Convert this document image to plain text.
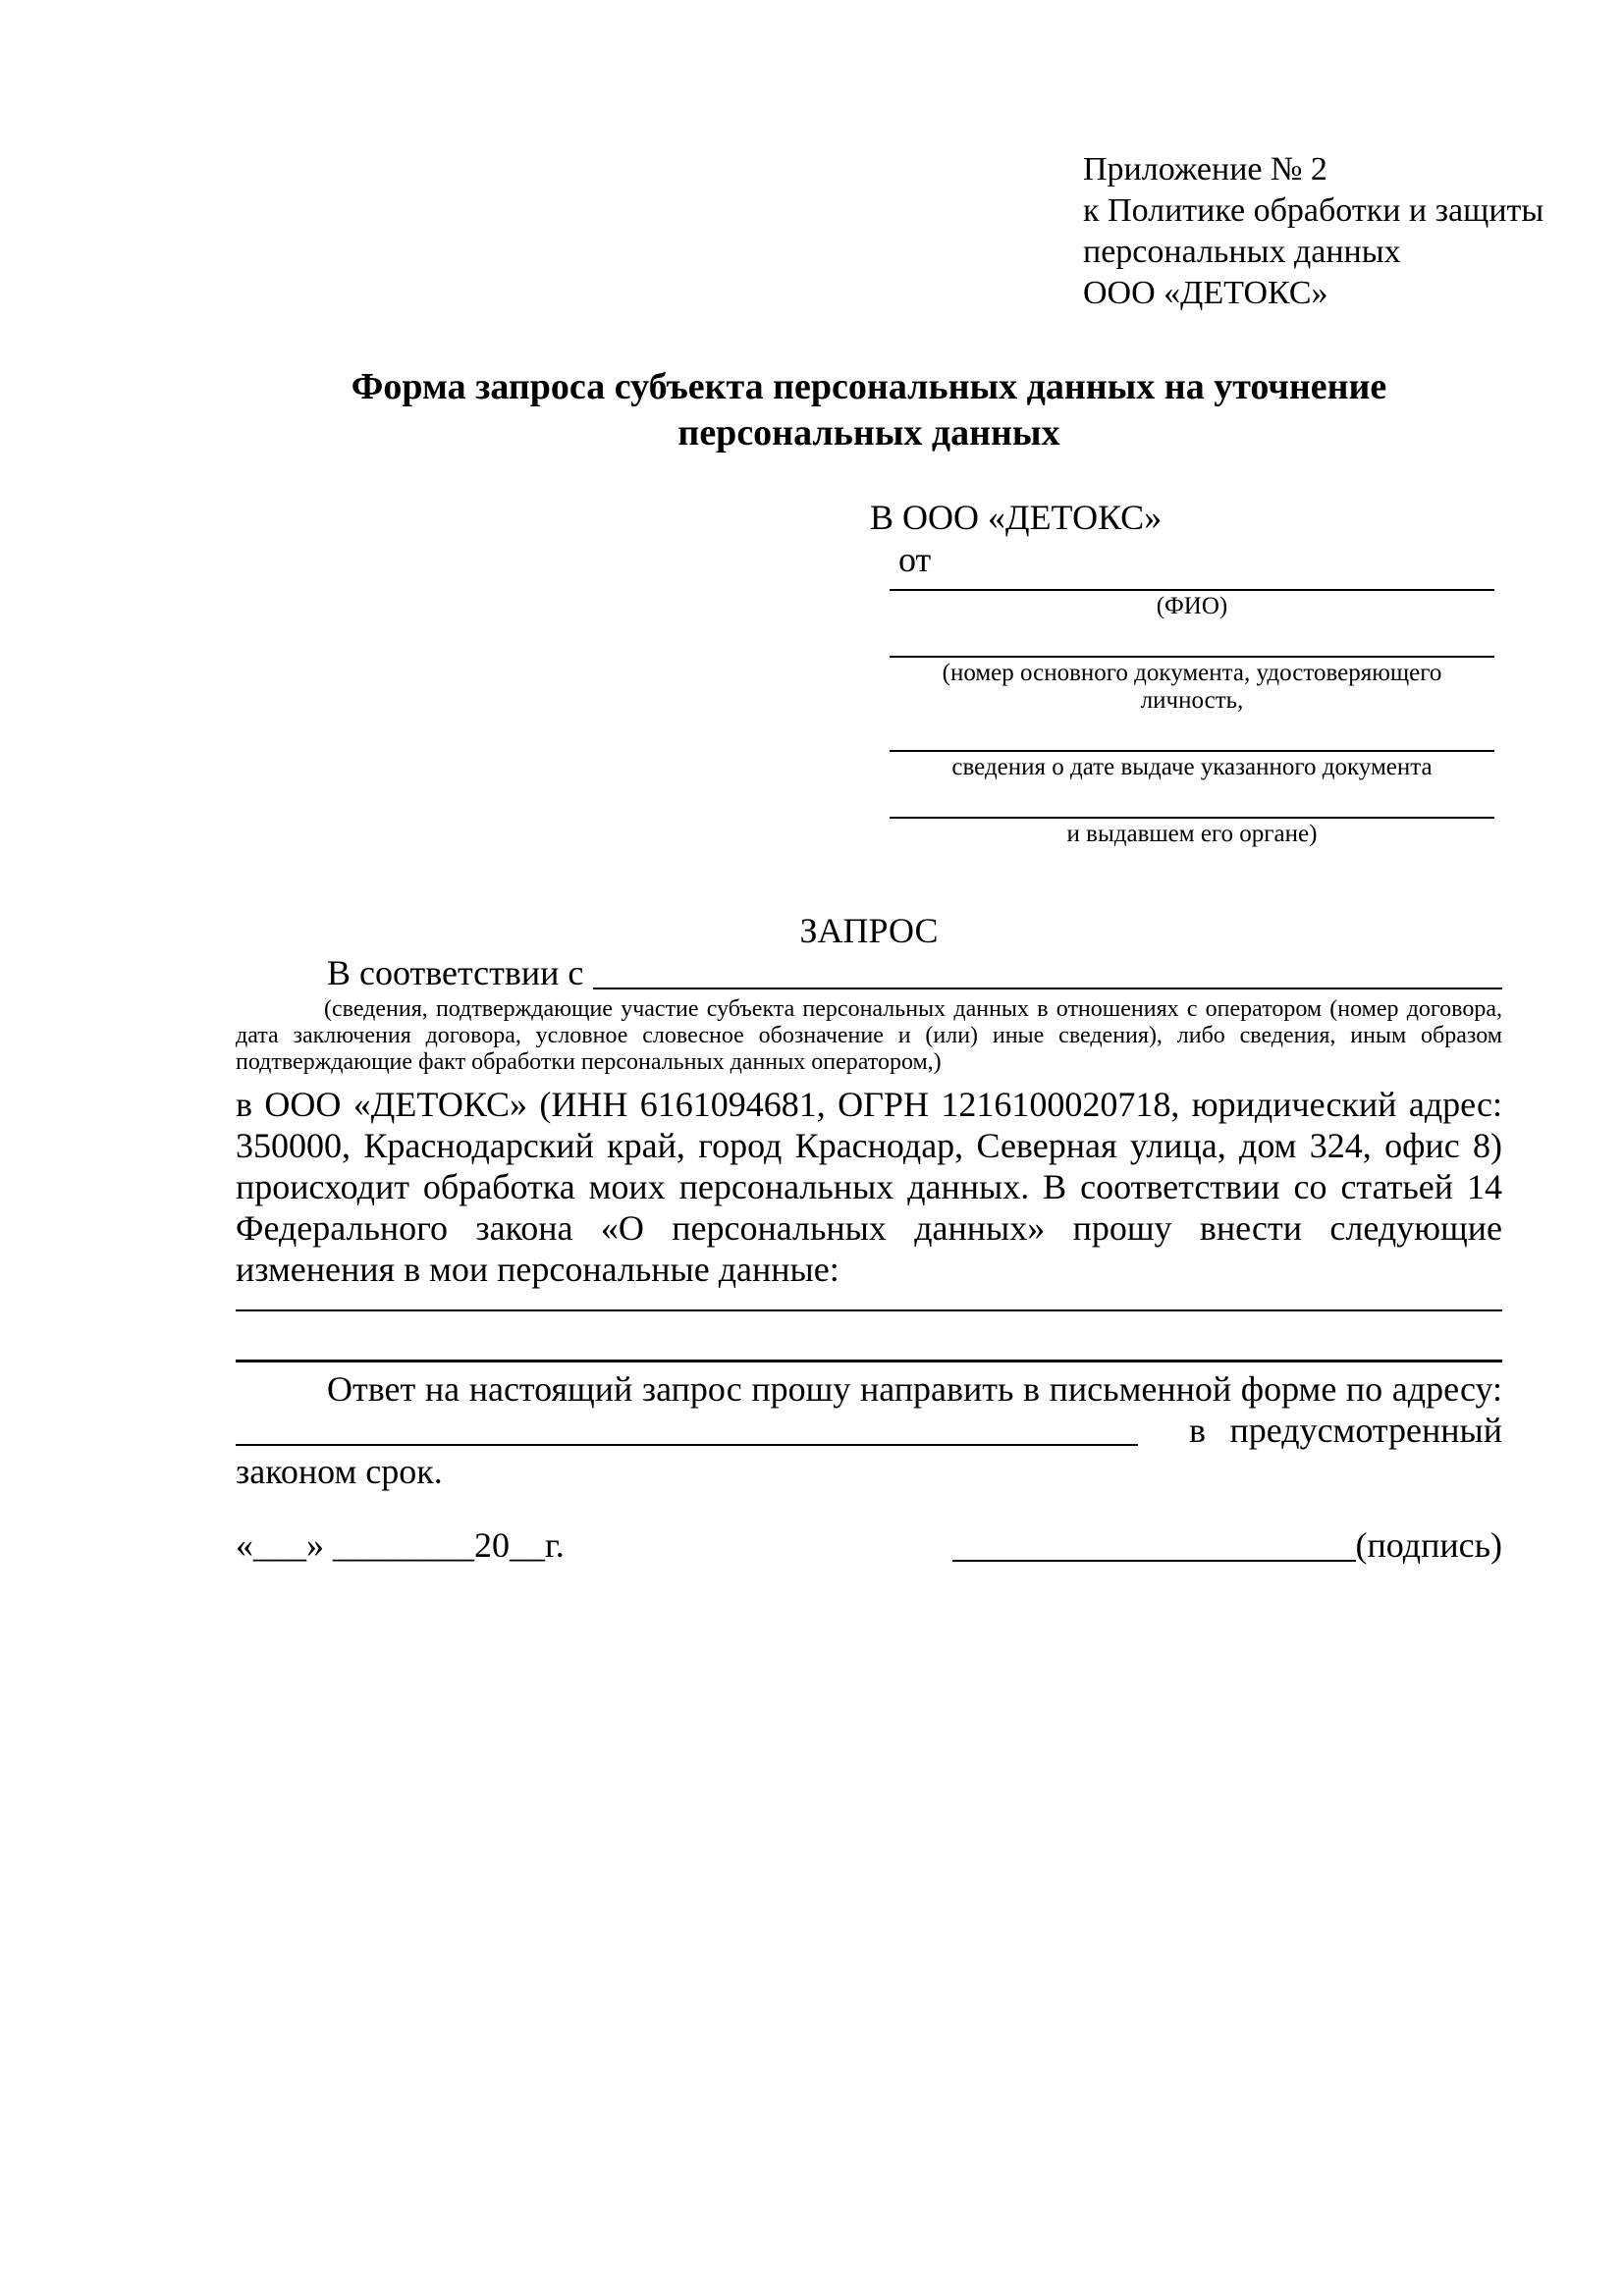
Приложение № 2
к Политике обработки и защиты
персональных данных
ООО «ДЕТОКС»
Форма запроса субъекта персональных данных на уточнение
персональных данных
В ООО «ДЕТОКС»
от
(ФИО)
(номер основного документа, удостоверяющего личность,
сведения о дате выдаче указанного документа
и выдавшем его органе)
ЗАПРОС
В соответствии с
(сведения, подтверждающие участие субъекта персональных данных в отношениях с оператором (номер договора, дата заключения договора, условное словесное обозначение и (или) иные сведения), либо сведения, иным образом подтверждающие факт обработки персональных данных оператором,)
в ООО «ДЕТОКС» (ИНН 6161094681, ОГРН 1216100020718, юридический адрес: 350000, Краснодарский край, город Краснодар, Северная улица, дом 324, офис 8) происходит обработка моих персональных данных. В соответствии со статьей 14 Федерального закона «О персональных данных» прошу внести следующие изменения в мои персональные данные:
Ответ на настоящий запрос прошу направить в письменной форме по адресу:
в предусмотренный
законом срок.
«___» ________20__г.	(подпись)
